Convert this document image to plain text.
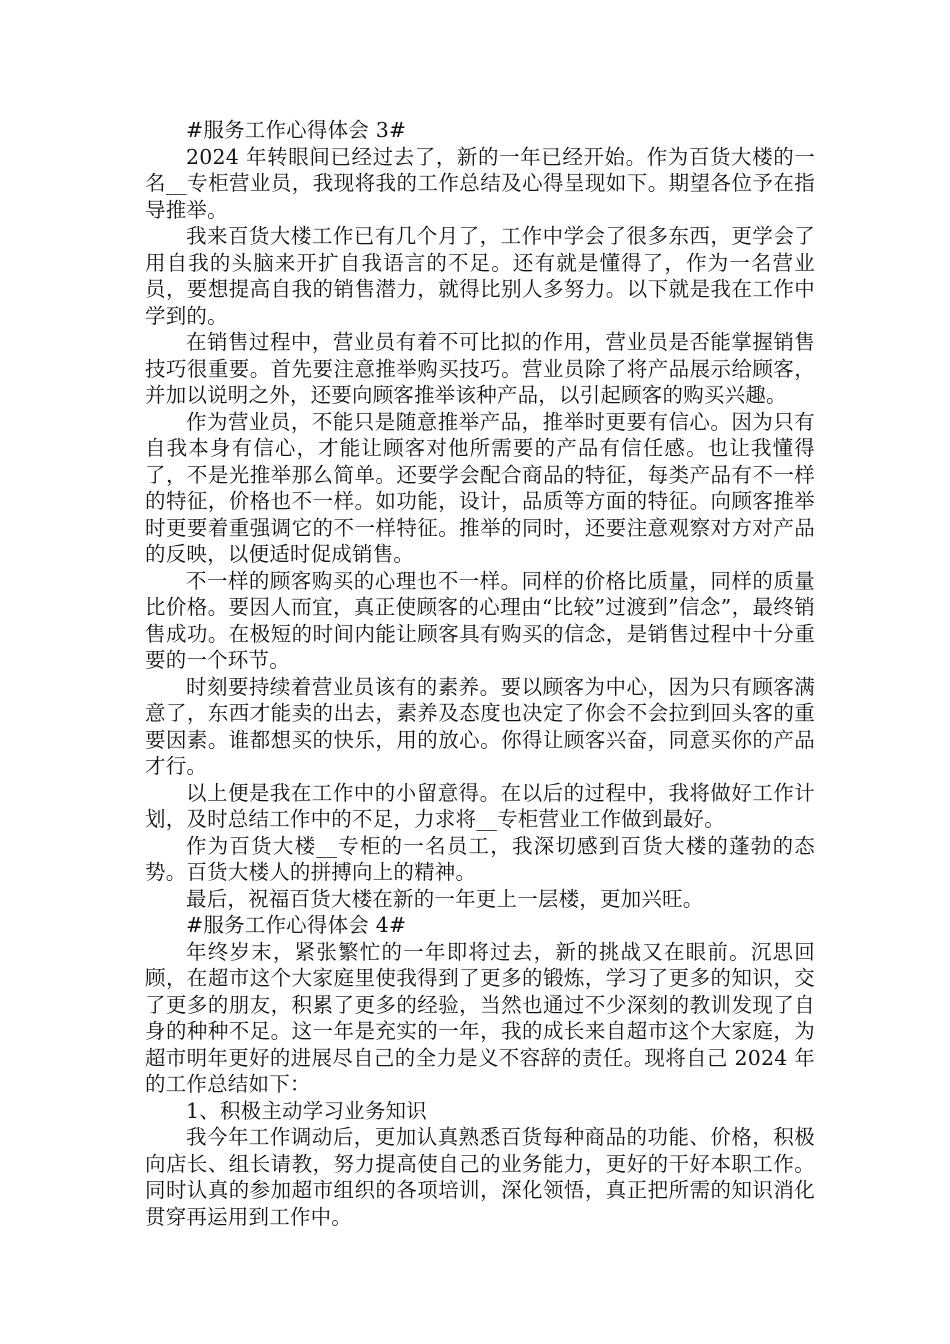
#服务工作心得体会 3#

2024 年转眼间已经过去了，新的一年已经开始。作为百货大楼的一名__专柜营业员，我现将我的工作总结及心得呈现如下。期望各位予在指导推举。

我来百货大楼工作已有几个月了，工作中学会了很多东西，更学会了用自我的头脑来开扩自我语言的不足。还有就是懂得了，作为一名营业员，要想提高自我的销售潜力，就得比别人多努力。以下就是我在工作中学到的。

在销售过程中，营业员有着不可比拟的作用，营业员是否能掌握销售技巧很重要。首先要注意推举购买技巧。营业员除了将产品展示给顾客，并加以说明之外，还要向顾客推举该种产品，以引起顾客的购买兴趣。

作为营业员，不能只是随意推举产品，推举时更要有信心。因为只有自我本身有信心，才能让顾客对他所需要的产品有信任感。也让我懂得了，不是光推举那么简单。还要学会配合商品的特征，每类产品有不一样的特征，价格也不一样。如功能，设计，品质等方面的特征。向顾客推举时更要着重强调它的不一样特征。推举的同时，还要注意观察对方对产品的反映，以便适时促成销售。

不一样的顾客购买的心理也不一样。同样的价格比质量，同样的质量比价格。要因人而宜，真正使顾客的心理由“比较”过渡到”信念”，最终销售成功。在极短的时间内能让顾客具有购买的信念，是销售过程中十分重要的一个环节。

时刻要持续着营业员该有的素养。要以顾客为中心，因为只有顾客满意了，东西才能卖的出去，素养及态度也决定了你会不会拉到回头客的重要因素。谁都想买的快乐，用的放心。你得让顾客兴奋，同意买你的产品才行。

以上便是我在工作中的小留意得。在以后的过程中，我将做好工作计划，及时总结工作中的不足，力求将__专柜营业工作做到最好。

作为百货大楼__专柜的一名员工，我深切感到百货大楼的蓬勃的态势。百货大楼人的拼搏向上的精神。

最后，祝福百货大楼在新的一年更上一层楼，更加兴旺。

#服务工作心得体会 4#

年终岁末，紧张繁忙的一年即将过去，新的挑战又在眼前。沉思回顾，在超市这个大家庭里使我得到了更多的锻炼，学习了更多的知识，交了更多的朋友，积累了更多的经验，当然也通过不少深刻的教训发现了自身的种种不足。这一年是充实的一年，我的成长来自超市这个大家庭，为超市明年更好的进展尽自己的全力是义不容辞的责任。现将自己 2024 年的工作总结如下：

1、积极主动学习业务知识

我今年工作调动后，更加认真熟悉百货每种商品的功能、价格，积极向店长、组长请教，努力提高使自己的业务能力，更好的干好本职工作。同时认真的参加超市组织的各项培训，深化领悟，真正把所需的知识消化贯穿再运用到工作中。
